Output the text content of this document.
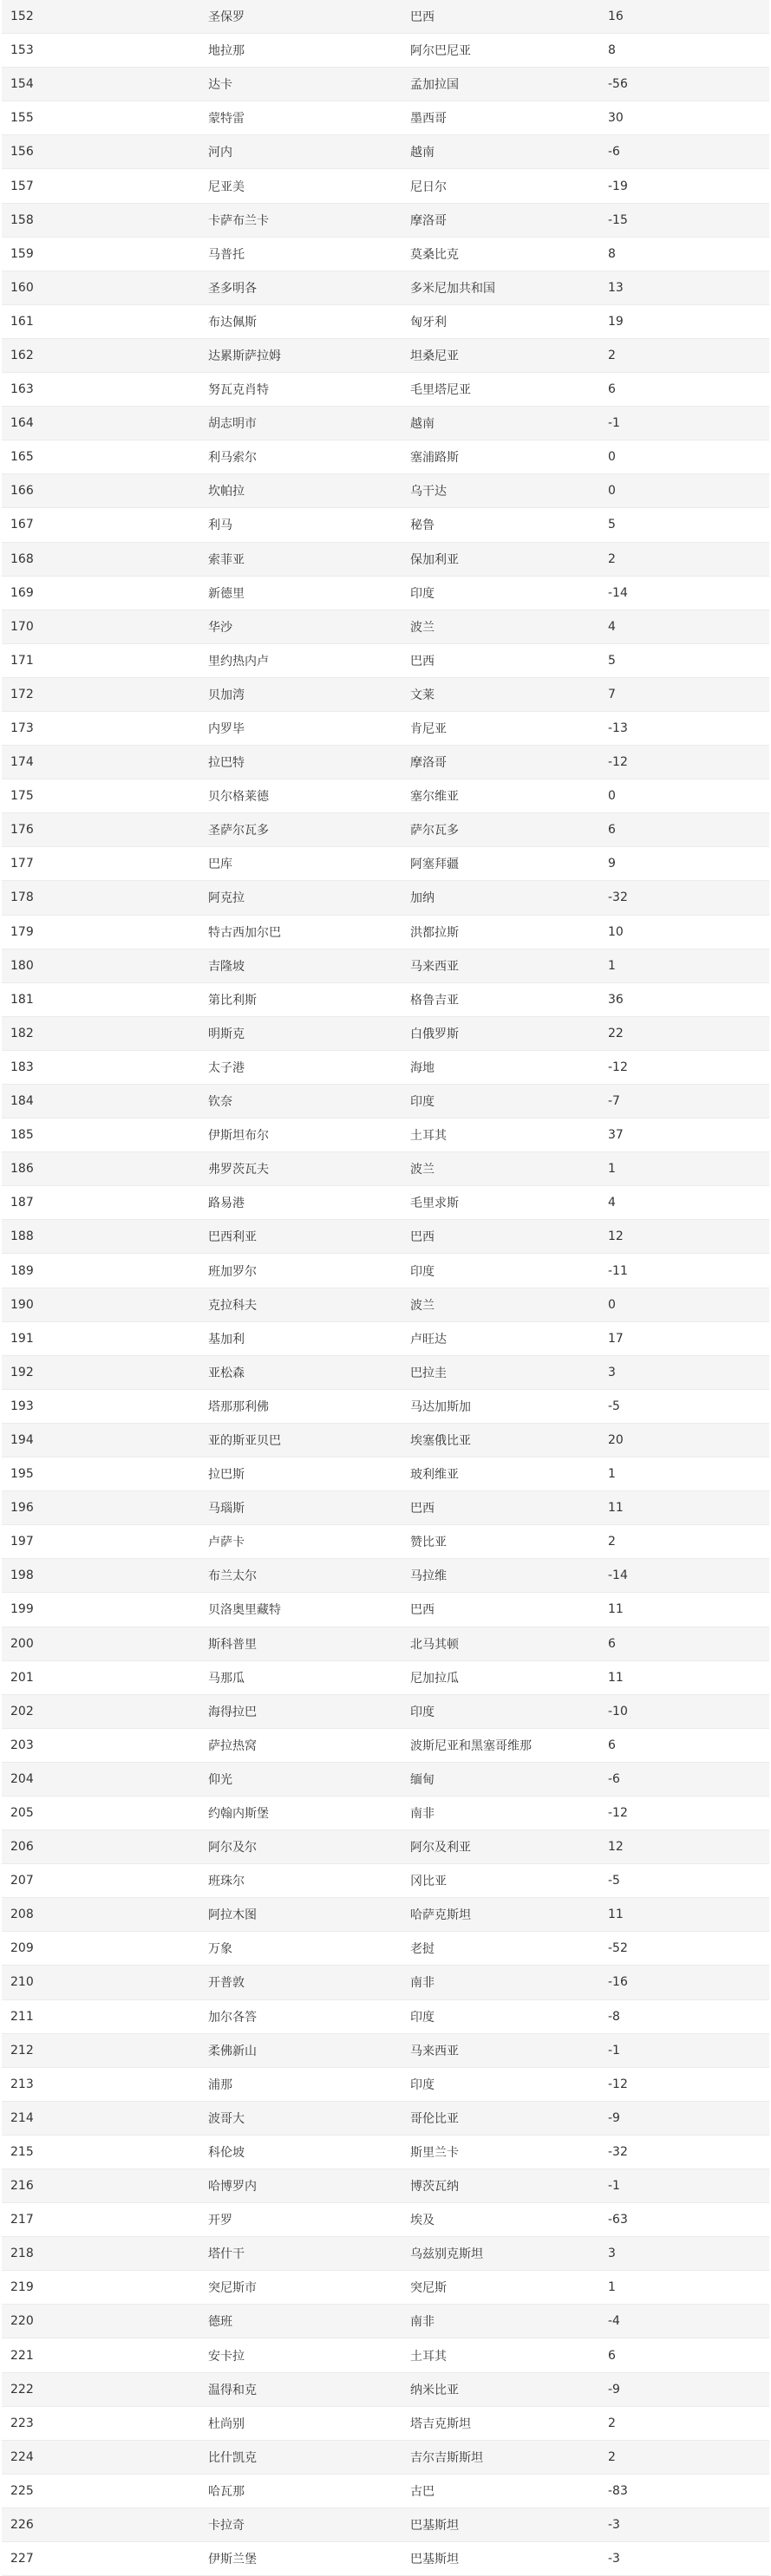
152	圣保罗	巴西	16
153	地拉那	阿尔巴尼亚	8
154	达卡	孟加拉国	-56
155	蒙特雷	墨西哥	30
156	河内	越南	-6
157	尼亚美	尼日尔	-19
158	卡萨布兰卡	摩洛哥	-15
159	马普托	莫桑比克	8
160	圣多明各	多米尼加共和国	13
161	布达佩斯	匈牙利	19
162	达累斯萨拉姆	坦桑尼亚	2
163	努瓦克肖特	毛里塔尼亚	6
164	胡志明市	越南	-1
165	利马索尔	塞浦路斯	0
166	坎帕拉	乌干达	0
167	利马	秘鲁	5
168	索菲亚	保加利亚	2
169	新德里	印度	-14
170	华沙	波兰	4
171	里约热内卢	巴西	5
172	贝加湾	文莱	7
173	内罗毕	肯尼亚	-13
174	拉巴特	摩洛哥	-12
175	贝尔格莱德	塞尔维亚	0
176	圣萨尔瓦多	萨尔瓦多	6
177	巴库	阿塞拜疆	9
178	阿克拉	加纳	-32
179	特古西加尔巴	洪都拉斯	10
180	吉隆坡	马来西亚	1
181	第比利斯	格鲁吉亚	36
182	明斯克	白俄罗斯	22
183	太子港	海地	-12
184	钦奈	印度	-7
185	伊斯坦布尔	土耳其	37
186	弗罗茨瓦夫	波兰	1
187	路易港	毛里求斯	4
188	巴西利亚	巴西	12
189	班加罗尔	印度	-11
190	克拉科夫	波兰	0
191	基加利	卢旺达	17
192	亚松森	巴拉圭	3
193	塔那那利佛	马达加斯加	-5
194	亚的斯亚贝巴	埃塞俄比亚	20
195	拉巴斯	玻利维亚	1
196	马瑙斯	巴西	11
197	卢萨卡	赞比亚	2
198	布兰太尔	马拉维	-14
199	贝洛奥里藏特	巴西	11
200	斯科普里	北马其顿	6
201	马那瓜	尼加拉瓜	11
202	海得拉巴	印度	-10
203	萨拉热窝	波斯尼亚和黑塞哥维那	6
204	仰光	缅甸	-6
205	约翰内斯堡	南非	-12
206	阿尔及尔	阿尔及利亚	12
207	班珠尔	冈比亚	-5
208	阿拉木图	哈萨克斯坦	11
209	万象	老挝	-52
210	开普敦	南非	-16
211	加尔各答	印度	-8
212	柔佛新山	马来西亚	-1
213	浦那	印度	-12
214	波哥大	哥伦比亚	-9
215	科伦坡	斯里兰卡	-32
216	哈博罗内	博茨瓦纳	-1
217	开罗	埃及	-63
218	塔什干	乌兹别克斯坦	3
219	突尼斯市	突尼斯	1
220	德班	南非	-4
221	安卡拉	土耳其	6
222	温得和克	纳米比亚	-9
223	杜尚别	塔吉克斯坦	2
224	比什凯克	吉尔吉斯斯坦	2
225	哈瓦那	古巴	-83
226	卡拉奇	巴基斯坦	-3
227	伊斯兰堡	巴基斯坦	-3
